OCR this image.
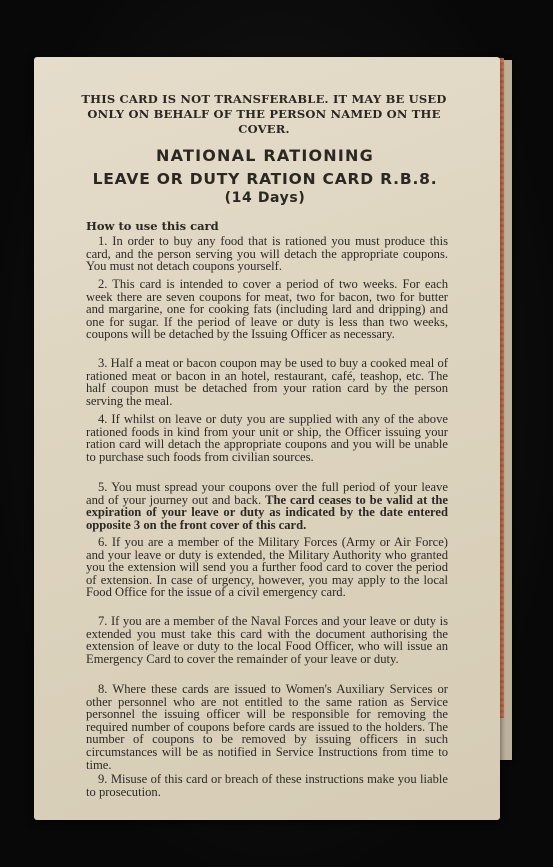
THIS CARD IS NOT TRANSFERABLE. IT MAY BE USED ONLY ON BEHALF OF THE PERSON NAMED ON THE COVER.
NATIONAL RATIONING
LEAVE OR DUTY RATION CARD R.B.8.
(14 Days)
How to use this card
1. In order to buy any food that is rationed you must produce this card, and the person serving you will detach the appropriate coupons. You must not detach coupons yourself.
2. This card is intended to cover a period of two weeks. For each week there are seven coupons for meat, two for bacon, two for butter and margarine, one for cooking fats (including lard and dripping) and one for sugar. If the period of leave or duty is less than two weeks, coupons will be detached by the Issuing Officer as necessary.
3. Half a meat or bacon coupon may be used to buy a cooked meal of rationed meat or bacon in an hotel, restaurant, café, teashop, etc. The half coupon must be detached from your ration card by the person serving the meal.
4. If whilst on leave or duty you are supplied with any of the above rationed foods in kind from your unit or ship, the Officer issuing your ration card will detach the appropriate coupons and you will be unable to purchase such foods from civilian sources.
5. You must spread your coupons over the full period of your leave and of your journey out and back. The card ceases to be valid at the expiration of your leave or duty as indicated by the date entered opposite 3 on the front cover of this card.
6. If you are a member of the Military Forces (Army or Air Force) and your leave or duty is extended, the Military Authority who granted you the extension will send you a further food card to cover the period of extension. In case of urgency, however, you may apply to the local Food Office for the issue of a civil emergency card.
7. If you are a member of the Naval Forces and your leave or duty is extended you must take this card with the document authorising the extension of leave or duty to the local Food Officer, who will issue an Emergency Card to cover the remainder of your leave or duty.
8. Where these cards are issued to Women's Auxiliary Services or other personnel who are not entitled to the same ration as Service personnel the issuing officer will be responsible for removing the required number of coupons before cards are issued to the holders. The number of coupons to be removed by issuing officers in such circumstances will be as notified in Service Instructions from time to time.
9. Misuse of this card or breach of these instructions make you liable to prosecution.
